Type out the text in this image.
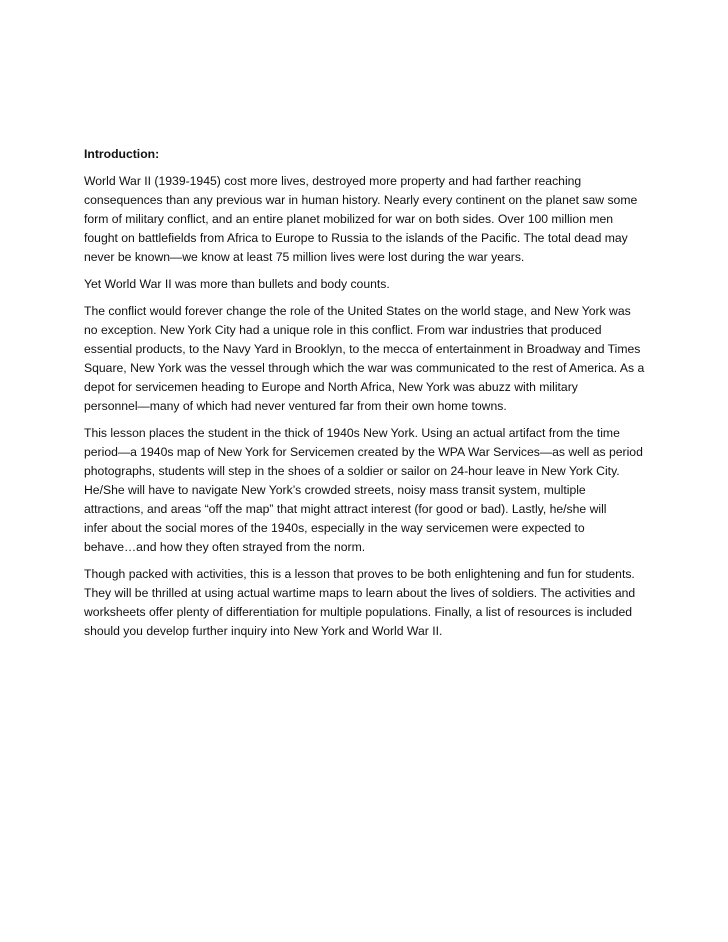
Introduction:

World War II (1939-1945) cost more lives, destroyed more property and had farther reaching
consequences than any previous war in human history. Nearly every continent on the planet saw some
form of military conflict, and an entire planet mobilized for war on both sides. Over 100 million men
fought on battlefields from Africa to Europe to Russia to the islands of the Pacific. The total dead may
never be known—we know at least 75 million lives were lost during the war years.

Yet World War II was more than bullets and body counts.

The conflict would forever change the role of the United States on the world stage, and New York was
no exception. New York City had a unique role in this conflict. From war industries that produced
essential products, to the Navy Yard in Brooklyn, to the mecca of entertainment in Broadway and Times
Square, New York was the vessel through which the war was communicated to the rest of America. As a
depot for servicemen heading to Europe and North Africa, New York was abuzz with military
personnel—many of which had never ventured far from their own home towns.

This lesson places the student in the thick of 1940s New York. Using an actual artifact from the time
period—a 1940s map of New York for Servicemen created by the WPA War Services—as well as period
photographs, students will step in the shoes of a soldier or sailor on 24-hour leave in New York City.
He/She will have to navigate New York’s crowded streets, noisy mass transit system, multiple
attractions, and areas “off the map” that might attract interest (for good or bad). Lastly, he/she will
infer about the social mores of the 1940s, especially in the way servicemen were expected to
behave…and how they often strayed from the norm.

Though packed with activities, this is a lesson that proves to be both enlightening and fun for students.
They will be thrilled at using actual wartime maps to learn about the lives of soldiers. The activities and
worksheets offer plenty of differentiation for multiple populations. Finally, a list of resources is included
should you develop further inquiry into New York and World War II.
